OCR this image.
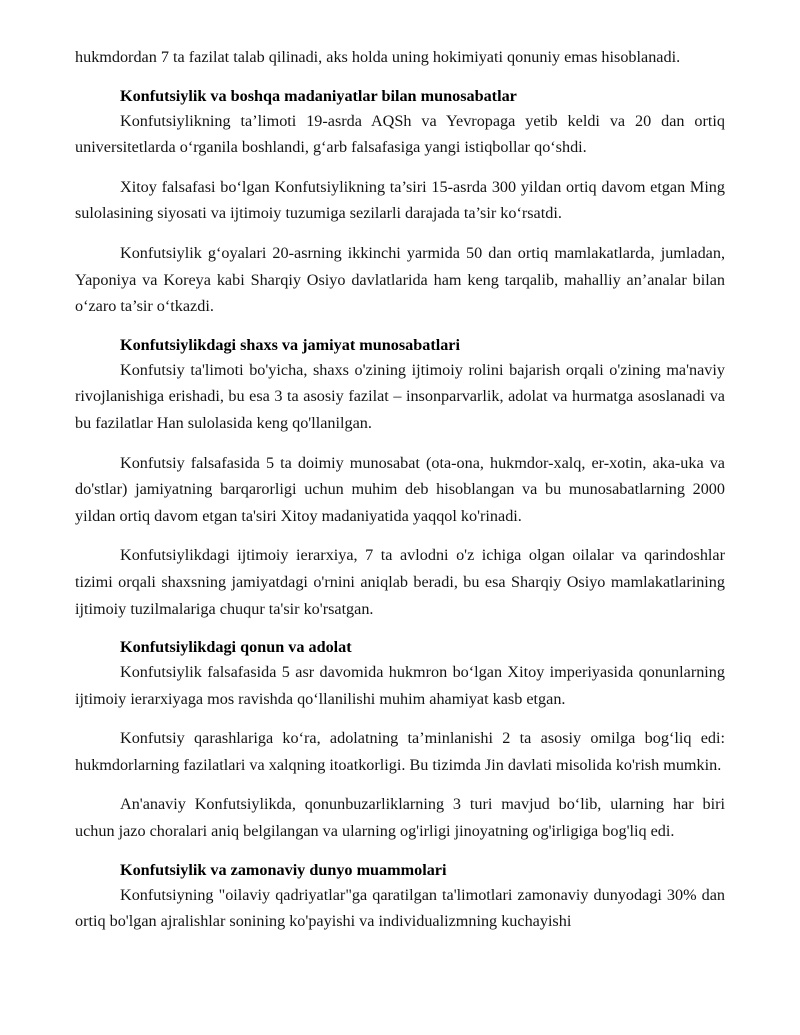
hukmdordan 7 ta fazilat talab qilinadi, aks holda uning hokimiyati qonuniy emas hisoblanadi.

Konfutsiylik va boshqa madaniyatlar bilan munosabatlar

Konfutsiylikning ta’limoti 19-asrda AQSh va Yevropaga yetib keldi va 20 dan ortiq universitetlarda o‘rganila boshlandi, g‘arb falsafasiga yangi istiqbollar qo‘shdi.

Xitoy falsafasi bo‘lgan Konfutsiylikning ta’siri 15-asrda 300 yildan ortiq davom etgan Ming sulolasining siyosati va ijtimoiy tuzumiga sezilarli darajada ta’sir ko‘rsatdi.

Konfutsiylik g‘oyalari 20-asrning ikkinchi yarmida 50 dan ortiq mamlakatlarda, jumladan, Yaponiya va Koreya kabi Sharqiy Osiyo davlatlarida ham keng tarqalib, mahalliy an’analar bilan o‘zaro ta’sir o‘tkazdi.

Konfutsiylikdagi shaxs va jamiyat munosabatlari

Konfutsiy ta'limoti bo'yicha, shaxs o'zining ijtimoiy rolini bajarish orqali o'zining ma'naviy rivojlanishiga erishadi, bu esa 3 ta asosiy fazilat – insonparvarlik, adolat va hurmatga asoslanadi va bu fazilatlar Han sulolasida keng qo'llanilgan.

Konfutsiy falsafasida 5 ta doimiy munosabat (ota-ona, hukmdor-xalq, er-xotin, aka-uka va do'stlar) jamiyatning barqarorligi uchun muhim deb hisoblangan va bu munosabatlarning 2000 yildan ortiq davom etgan ta'siri Xitoy madaniyatida yaqqol ko'rinadi.

Konfutsiylikdagi ijtimoiy ierarxiya, 7 ta avlodni o'z ichiga olgan oilalar va qarindoshlar tizimi orqali shaxsning jamiyatdagi o'rnini aniqlab beradi, bu esa Sharqiy Osiyo mamlakatlarining ijtimoiy tuzilmalariga chuqur ta'sir ko'rsatgan.

Konfutsiylikdagi qonun va adolat

Konfutsiylik falsafasida 5 asr davomida hukmron bo‘lgan Xitoy imperiyasida qonunlarning ijtimoiy ierarxiyaga mos ravishda qo‘llanilishi muhim ahamiyat kasb etgan.

Konfutsiy qarashlariga ko‘ra, adolatning ta’minlanishi 2 ta asosiy omilga bog‘liq edi: hukmdorlarning fazilatlari va xalqning itoatkorligi. Bu tizimda Jin davlati misolida ko'rish mumkin.

An'anaviy Konfutsiylikda, qonunbuzarliklarning 3 turi mavjud bo‘lib, ularning har biri uchun jazo choralari aniq belgilangan va ularning og'irligi jinoyatning og'irligiga bog'liq edi.

Konfutsiylik va zamonaviy dunyo muammolari

Konfutsiyning "oilaviy qadriyatlar"ga qaratilgan ta'limotlari zamonaviy dunyodagi 30% dan ortiq bo'lgan ajralishlar sonining ko'payishi va individualizmning kuchayishi
